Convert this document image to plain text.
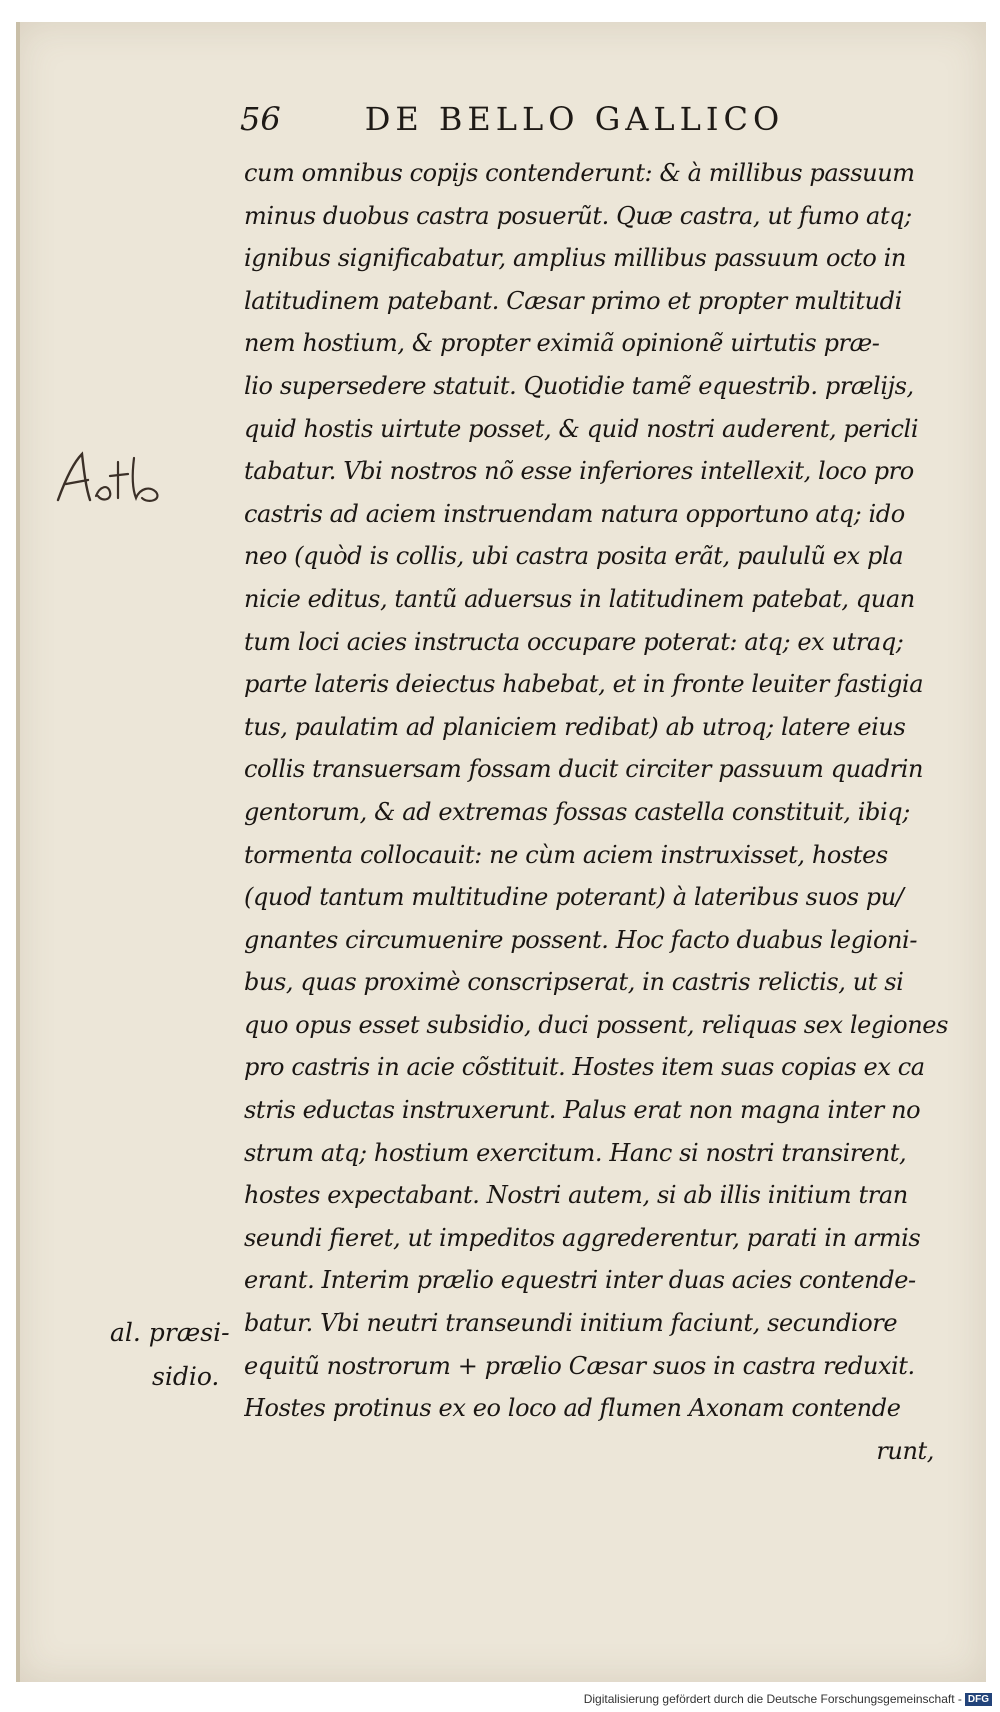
56	DE BELLO GALLICO
cum omnibus copijs contenderunt: & à millibus passuum
minus duobus castra posuerũt. Quæ castra, ut fumo atq;
ignibus significabatur, amplius millibus passuum octo in
latitudinem patebant. Cæsar primo et propter multitudi
nem hostium, & propter eximiã opinionẽ uirtutis præ-
lio supersedere statuit. Quotidie tamẽ equestrib. prælijs,
quid hostis uirtute posset, & quid nostri auderent, pericli
tabatur. Vbi nostros nõ esse inferiores intellexit, loco pro
castris ad aciem instruendam natura opportuno atq; ido
neo (quòd is collis, ubi castra posita erãt, paululũ ex pla
nicie editus, tantũ aduersus in latitudinem patebat, quan
tum loci acies instructa occupare poterat: atq; ex utraq;
parte lateris deiectus habebat, et in fronte leuiter fastigia
tus, paulatim ad planiciem redibat) ab utroq; latere eius
collis transuersam fossam ducit circiter passuum quadrin
gentorum, & ad extremas fossas castella constituit, ibiq;
tormenta collocauit: ne cùm aciem instruxisset, hostes
(quod tantum multitudine poterant) à lateribus suos pu/
gnantes circumuenire possent. Hoc facto duabus legioni-
bus, quas proximè conscripserat, in castris relictis, ut si
quo opus esset subsidio, duci possent, reliquas sex legiones
pro castris in acie cõstituit. Hostes item suas copias ex ca
stris eductas instruxerunt. Palus erat non magna inter no
strum atq; hostium exercitum. Hanc si nostri transirent,
hostes expectabant. Nostri autem, si ab illis initium tran
seundi fieret, ut impeditos aggrederentur, parati in armis
erant. Interim prælio equestri inter duas acies contende-
batur. Vbi neutri transeundi initium faciunt, secundiore
equitũ nostrorum + prælio Cæsar suos in castra reduxit.
Hostes protinus ex eo loco ad flumen Axonam contende
runt,
al. præsi-
sidio.
Digitalisierung gefördert durch die Deutsche Forschungsgemeinschaft - DFG
